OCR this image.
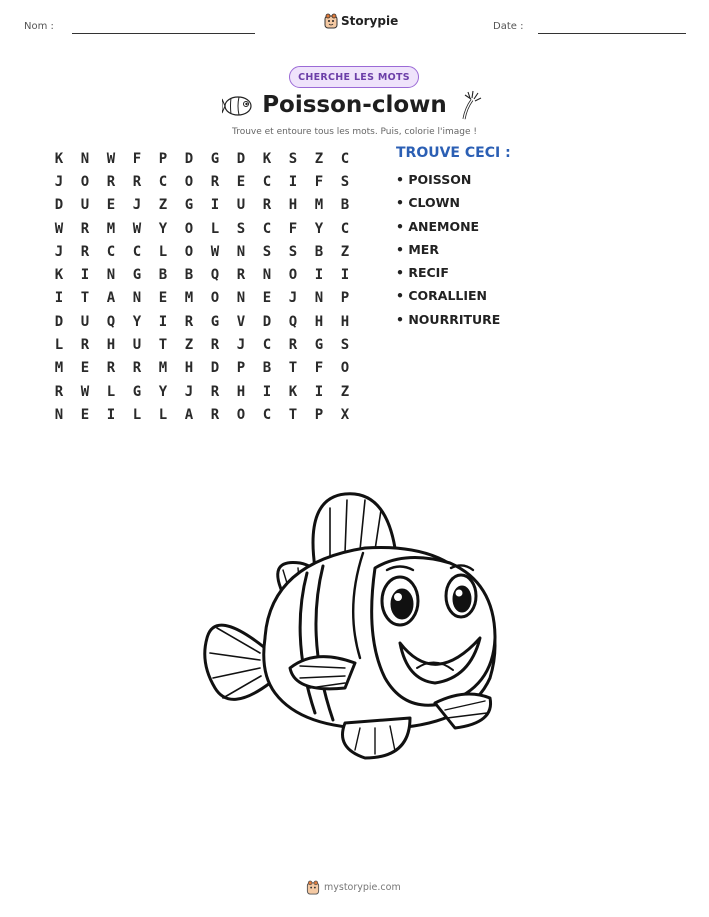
Nom :	Storypie	Date :
CHERCHE LES MOTS
Poisson-clown
Trouve et entoure tous les mots. Puis, colorie l'image !
K	N	W	F	P	D	G	D	K	S	Z	C
J	O	R	R	C	O	R	E	C	I	F	S
D	U	E	J	Z	G	I	U	R	H	M	B
W	R	M	W	Y	O	L	S	C	F	Y	C
J	R	C	C	L	O	W	N	S	S	B	Z
K	I	N	G	B	B	Q	R	N	O	I	I
I	T	A	N	E	M	O	N	E	J	N	P
D	U	Q	Y	I	R	G	V	D	Q	H	H
L	R	H	U	T	Z	R	J	C	R	G	S
M	E	R	R	M	H	D	P	B	T	F	O
R	W	L	G	Y	J	R	H	I	K	I	Z
N	E	I	L	L	A	R	O	C	T	P	X
TROUVE CECI :
• POISSON
• CLOWN
• ANEMONE
• MER
• RECIF
• CORALLIEN
• NOURRITURE
mystorypie.com
